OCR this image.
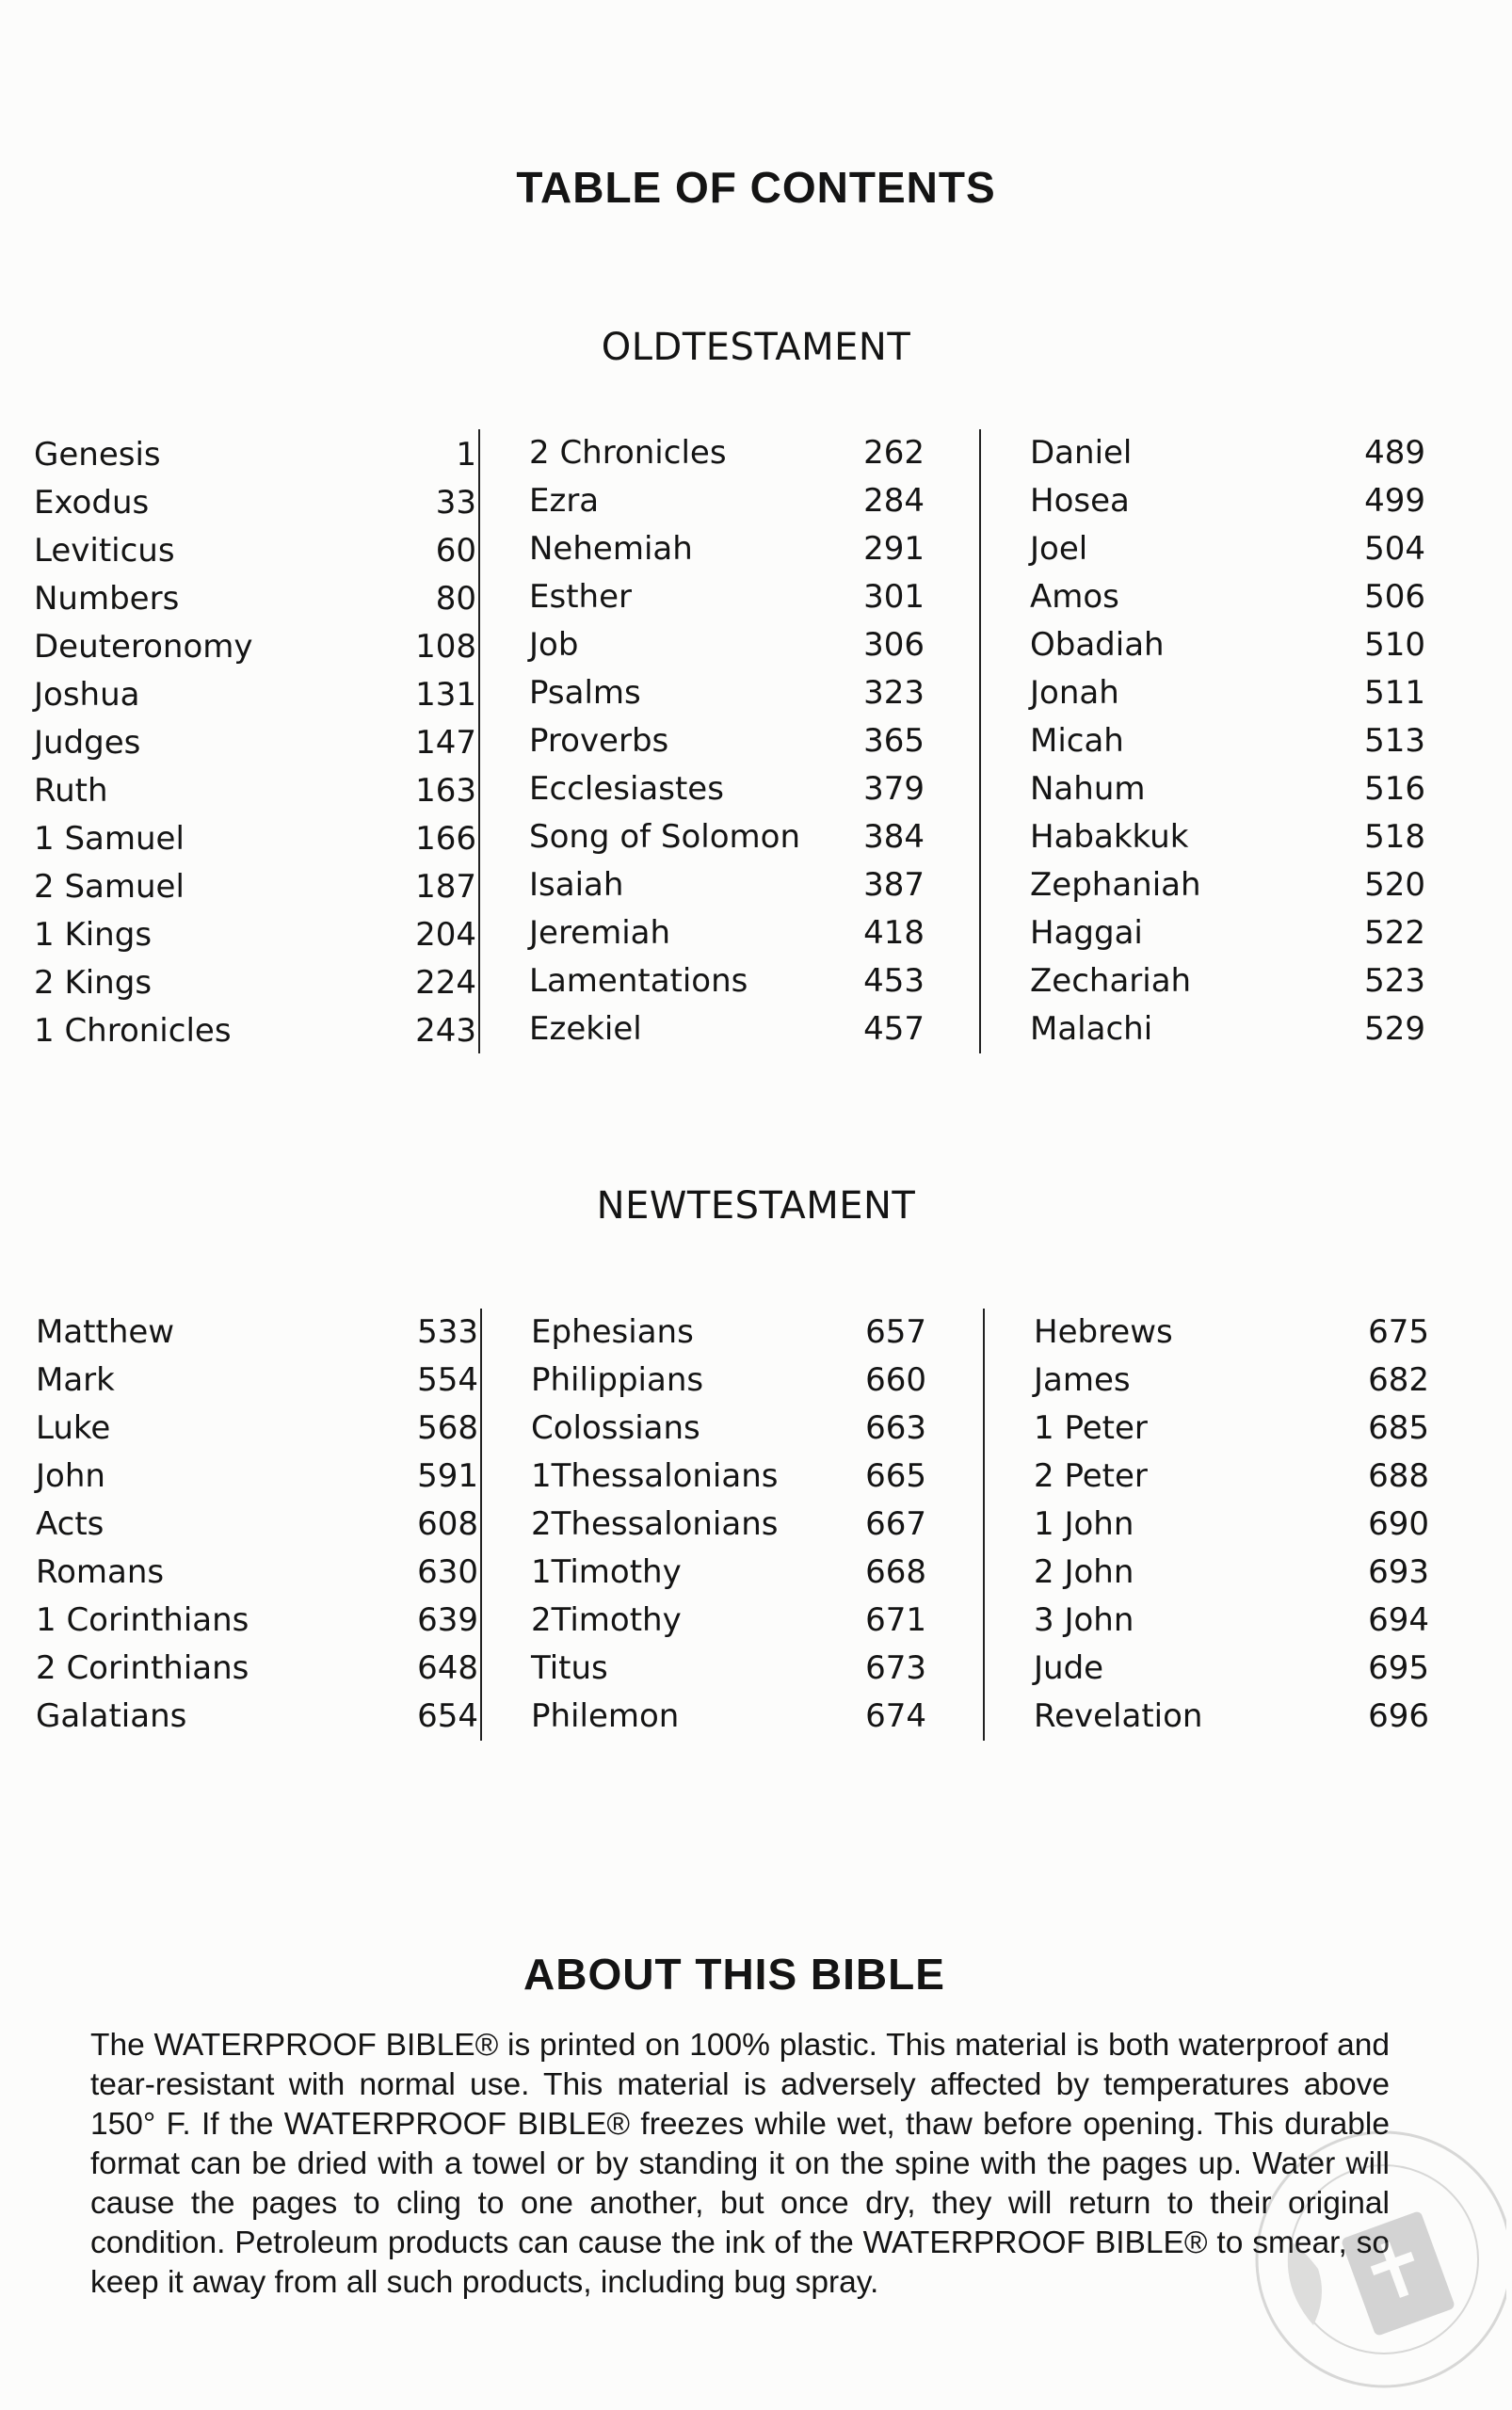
TABLE OF CONTENTS
OLDTESTAMENT
Genesis	1
Exodus	33
Leviticus	60
Numbers	80
Deuteronomy	108
Joshua	131
Judges	147
Ruth	163
1 Samuel	166
2 Samuel	187
1 Kings	204
2 Kings	224
1 Chronicles	243
2 Chronicles	262
Ezra	284
Nehemiah	291
Esther	301
Job	306
Psalms	323
Proverbs	365
Ecclesiastes	379
Song of Solomon 384
Isaiah	387
Jeremiah	418
Lamentations	453
Ezekiel	457
Daniel	489
Hosea	499
Joel	504
Amos	506
Obadiah	510
Jonah	511
Micah	513
Nahum	516
Habakkuk	518
Zephaniah	520
Haggai	522
Zechariah	523
Malachi	529
NEWTESTAMENT
Matthew	533
Mark	554
Luke	568
John	591
Acts	608
Romans	630
1 Corinthians	639
2 Corinthians	648
Galatians	654
Ephesians	657
Philippians	660
Colossians	663
1Thessalonians	665
2Thessalonians	667
1Timothy	668
2Timothy	671
Titus	673
Philemon	674
Hebrews	675
James	682
1 Peter	685
2 Peter	688
1 John	690
2 John	693
3 John	694
Jude	695
Revelation	696
ABOUT THIS BIBLE
The WATERPROOF BIBLE® is printed on 100% plastic. This material is both waterproof and tear-resistant with normal use. This material is adversely affected by temperatures above 150° F. If the WATERPROOF BIBLE® freezes while wet, thaw before opening. This durable format can be dried with a towel or by standing it on the spine with the pages up. Water will cause the pages to cling to one another, but once dry, they will return to their original condition. Petroleum products can cause the ink of the WATERPROOF BIBLE® to smear, so keep it away from all such products, including bug spray.
